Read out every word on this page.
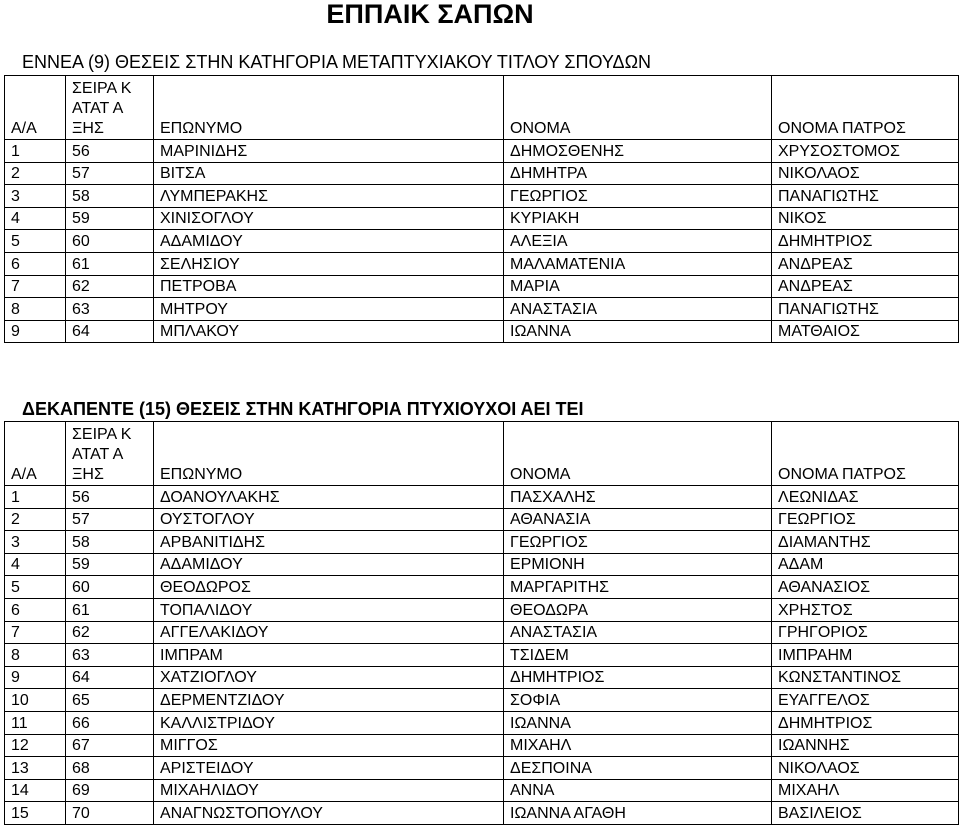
ΕΠΠΑΙΚ ΣΑΠΩΝ
ΕΝΝΕΑ (9) ΘΕΣΕΙΣ ΣΤΗΝ ΚΑΤΗΓΟΡΙΑ ΜΕΤΑΠΤΥΧΙΑΚΟΥ ΤΙΤΛΟΥ ΣΠΟΥΔΩΝ
Α/Α	ΣΕΙΡΑ ΚΑΤΑΤ ΑΞΗΣ	ΕΠΩΝΥΜΟ	ΟΝΟΜΑ	ΟΝΟΜΑ ΠΑΤΡΟΣ
1	56	ΜΑΡΙΝΙΔΗΣ	ΔΗΜΟΣΘΕΝΗΣ	ΧΡΥΣΟΣΤΟΜΟΣ
2	57	ΒΙΤΣΑ	ΔΗΜΗΤΡΑ	ΝΙΚΟΛΑΟΣ
3	58	ΛΥΜΠΕΡΑΚΗΣ	ΓΕΩΡΓΙΟΣ	ΠΑΝΑΓΙΩΤΗΣ
4	59	ΧΙΝΙΣΟΓΛΟΥ	ΚΥΡΙΑΚΗ	ΝΙΚΟΣ
5	60	ΑΔΑΜΙΔΟΥ	ΑΛΕΞΙΑ	ΔΗΜΗΤΡΙΟΣ
6	61	ΣΕΛΗΣΙΟΥ	ΜΑΛΑΜΑΤΕΝΙΑ	ΑΝΔΡΕΑΣ
7	62	ΠΕΤΡΟΒΑ	ΜΑΡΙΑ	ΑΝΔΡΕΑΣ
8	63	ΜΗΤΡΟΥ	ΑΝΑΣΤΑΣΙΑ	ΠΑΝΑΓΙΩΤΗΣ
9	64	ΜΠΛΑΚΟΥ	ΙΩΑΝΝΑ	ΜΑΤΘΑΙΟΣ
ΔΕΚΑΠΕΝΤΕ (15) ΘΕΣΕΙΣ ΣΤΗΝ ΚΑΤΗΓΟΡΙΑ ΠΤΥΧΙΟΥΧΟΙ ΑΕΙ ΤΕΙ
Α/Α	ΣΕΙΡΑ ΚΑΤΑΤ ΑΞΗΣ	ΕΠΩΝΥΜΟ	ΟΝΟΜΑ	ΟΝΟΜΑ ΠΑΤΡΟΣ
1	56	ΔΟΑΝΟΥΛΑΚΗΣ	ΠΑΣΧΑΛΗΣ	ΛΕΩΝΙΔΑΣ
2	57	ΟΥΣΤΟΓΛΟΥ	ΑΘΑΝΑΣΙΑ	ΓΕΩΡΓΙΟΣ
3	58	ΑΡΒΑΝΙΤΙΔΗΣ	ΓΕΩΡΓΙΟΣ	ΔΙΑΜΑΝΤΗΣ
4	59	ΑΔΑΜΙΔΟΥ	ΕΡΜΙΟΝΗ	ΑΔΑΜ
5	60	ΘΕΟΔΩΡΟΣ	ΜΑΡΓΑΡΙΤΗΣ	ΑΘΑΝΑΣΙΟΣ
6	61	ΤΟΠΑΛΙΔΟΥ	ΘΕΟΔΩΡΑ	ΧΡΗΣΤΟΣ
7	62	ΑΓΓΕΛΑΚΙΔΟΥ	ΑΝΑΣΤΑΣΙΑ	ΓΡΗΓΟΡΙΟΣ
8	63	ΙΜΠΡΑΜ	ΤΣΙΔΕΜ	ΙΜΠΡΑΗΜ
9	64	ΧΑΤΖΙΟΓΛΟΥ	ΔΗΜΗΤΡΙΟΣ	ΚΩΝΣΤΑΝΤΙΝΟΣ
10	65	ΔΕΡΜΕΝΤΖΙΔΟΥ	ΣΟΦΙΑ	ΕΥΑΓΓΕΛΟΣ
11	66	ΚΑΛΛΙΣΤΡΙΔΟΥ	ΙΩΑΝΝΑ	ΔΗΜΗΤΡΙΟΣ
12	67	ΜΙΓΓΟΣ	ΜΙΧΑΗΛ	ΙΩΑΝΝΗΣ
13	68	ΑΡΙΣΤΕΙΔΟΥ	ΔΕΣΠΟΙΝΑ	ΝΙΚΟΛΑΟΣ
14	69	ΜΙΧΑΗΛΙΔΟΥ	ΑΝΝΑ	ΜΙΧΑΗΛ
15	70	ΑΝΑΓΝΩΣΤΟΠΟΥΛΟΥ	ΙΩΑΝΝΑ ΑΓΑΘΗ	ΒΑΣΙΛΕΙΟΣ
